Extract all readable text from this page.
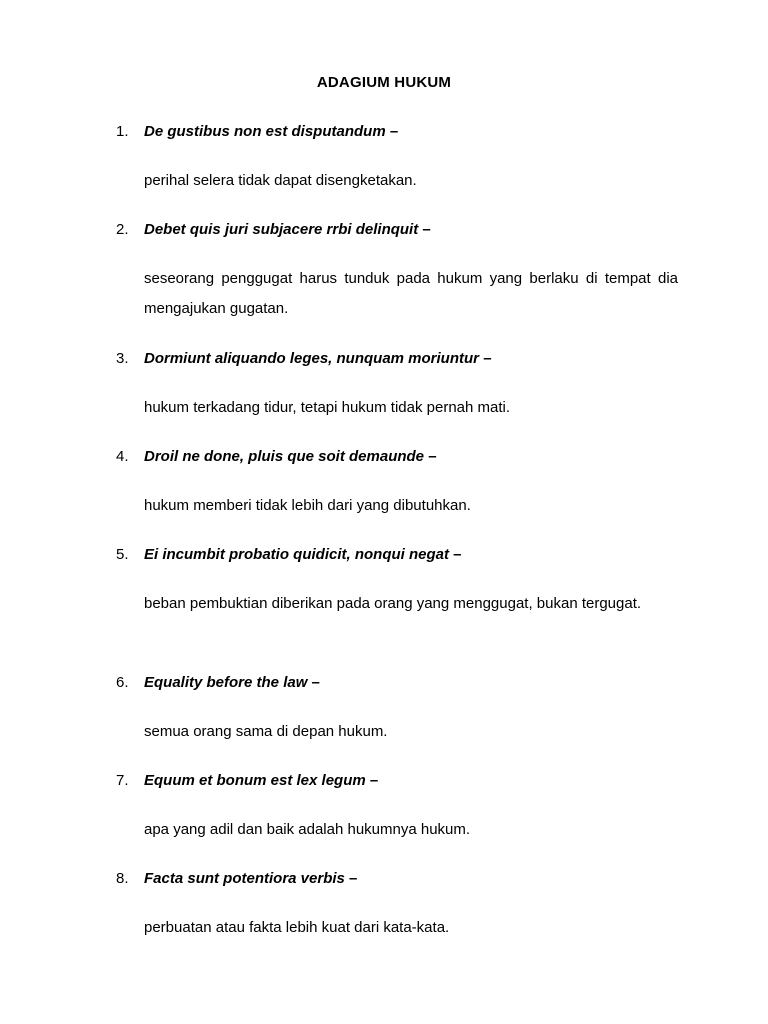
ADAGIUM HUKUM
1. De gustibus non est disputandum –
perihal selera tidak dapat disengketakan.
2. Debet quis juri subjacere rrbi delinquit –
seseorang penggugat harus tunduk pada hukum yang berlaku di tempat dia mengajukan gugatan.
3. Dormiunt aliquando leges, nunquam moriuntur –
hukum terkadang tidur, tetapi hukum tidak pernah mati.
4. Droil ne done, pluis que soit demaunde –
hukum memberi tidak lebih dari yang dibutuhkan.
5. Ei incumbit probatio quidicit, nonqui negat –
beban pembuktian diberikan pada orang yang menggugat, bukan tergugat.
6. Equality before the law –
semua orang sama di depan hukum.
7. Equum et bonum est lex legum –
apa yang adil dan baik adalah hukumnya hukum.
8. Facta sunt potentiora verbis –
perbuatan atau fakta lebih kuat dari kata-kata.
